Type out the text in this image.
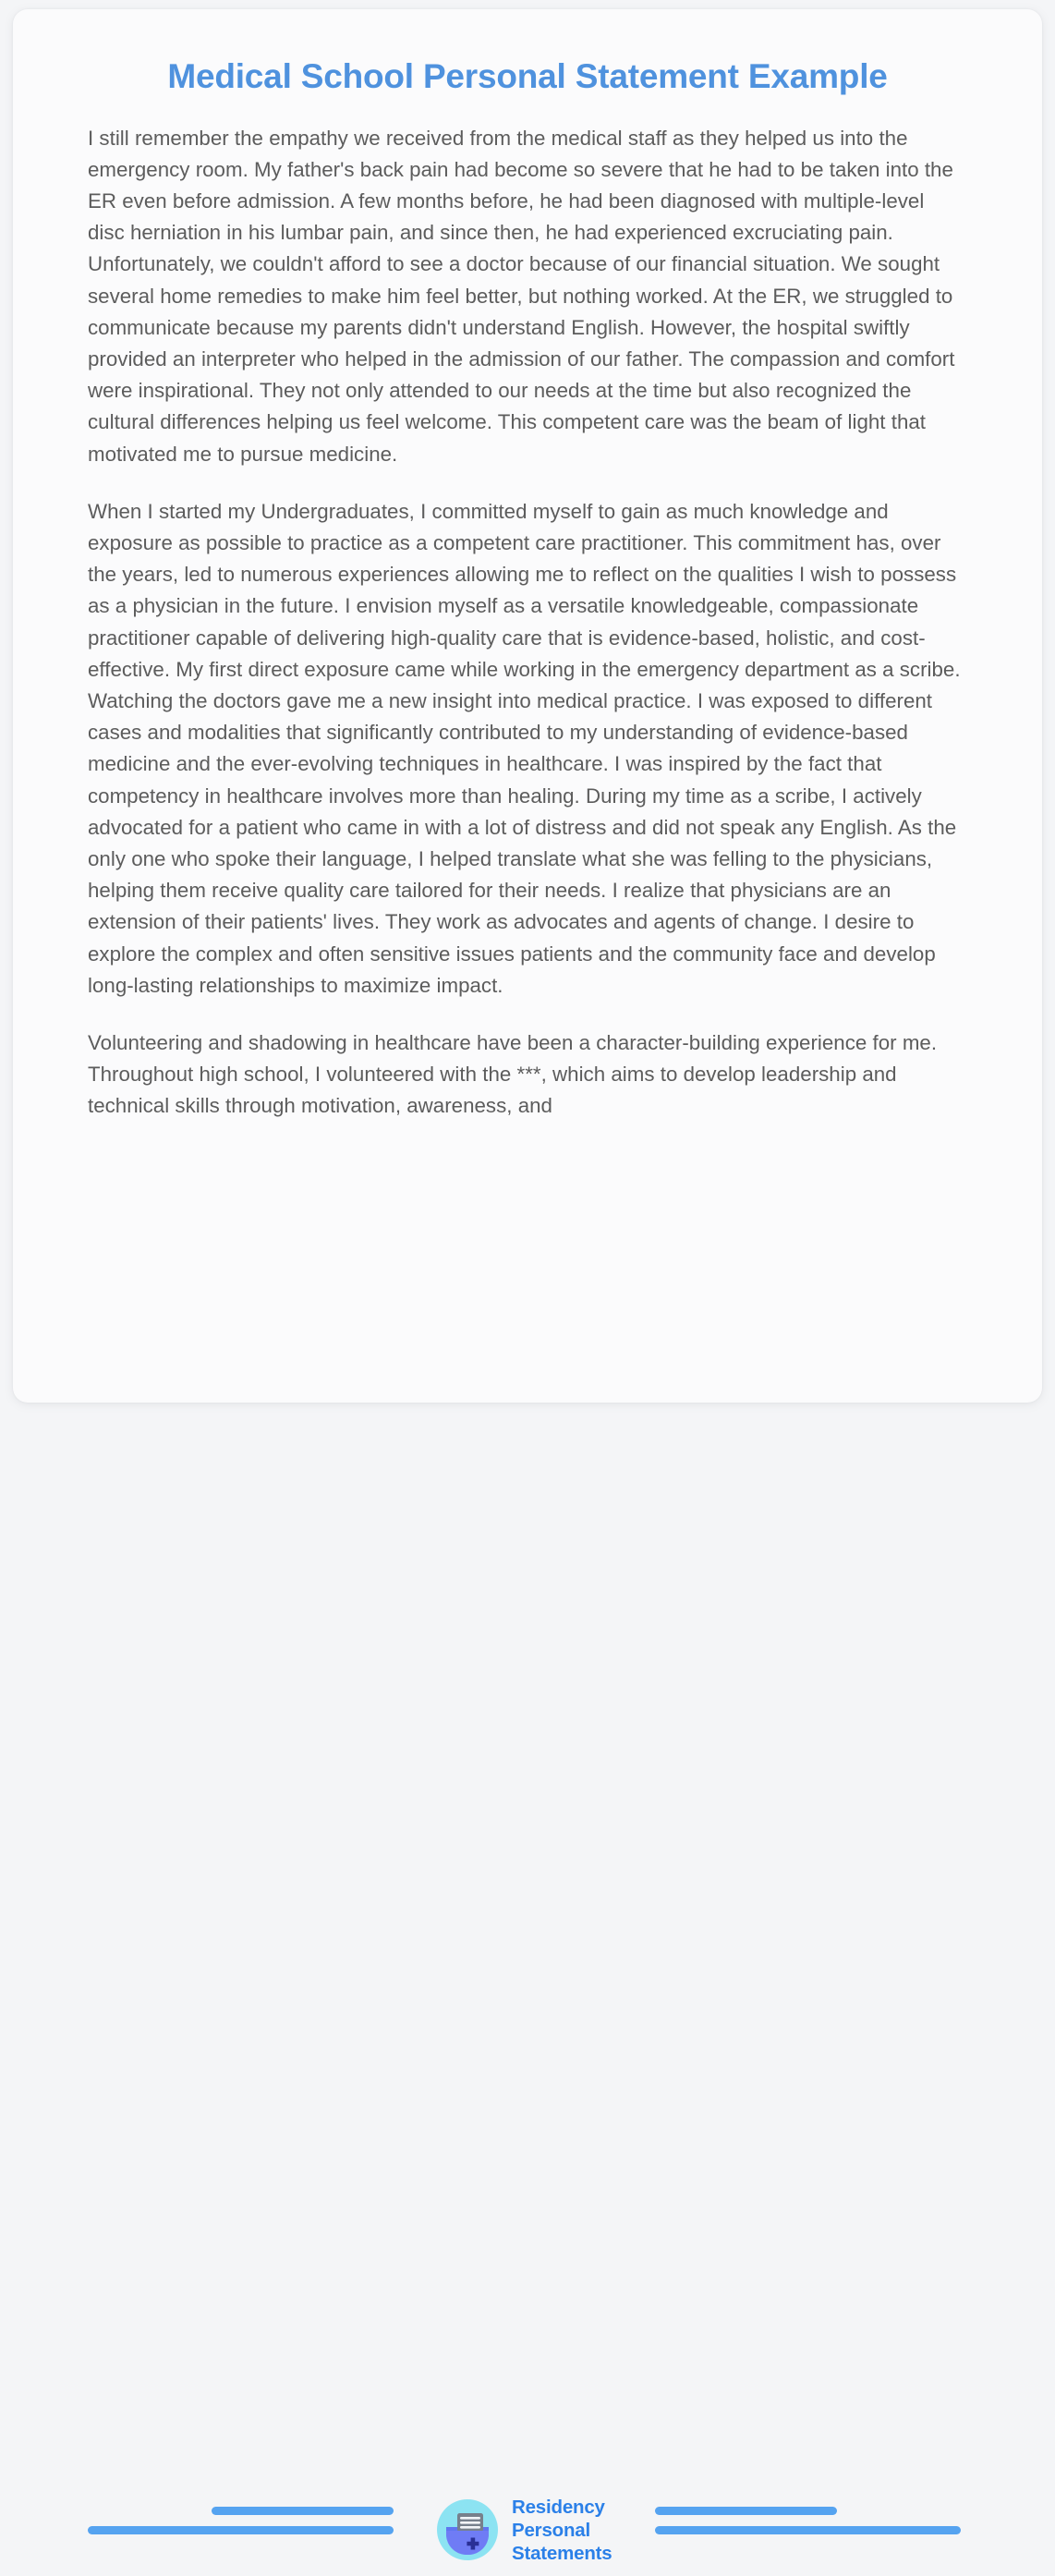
Medical School Personal Statement Example

I still remember the empathy we received from the medical staff as they helped us into the emergency room. My father's back pain had become so severe that he had to be taken into the ER even before admission. A few months before, he had been diagnosed with multiple-level disc herniation in his lumbar pain, and since then, he had experienced excruciating pain. Unfortunately, we couldn't afford to see a doctor because of our financial situation. We sought several home remedies to make him feel better, but nothing worked. At the ER, we struggled to communicate because my parents didn't understand English. However, the hospital swiftly provided an interpreter who helped in the admission of our father. The compassion and comfort were inspirational. They not only attended to our needs at the time but also recognized the cultural differences helping us feel welcome. This competent care was the beam of light that motivated me to pursue medicine.

When I started my Undergraduates, I committed myself to gain as much knowledge and exposure as possible to practice as a competent care practitioner. This commitment has, over the years, led to numerous experiences allowing me to reflect on the qualities I wish to possess as a physician in the future. I envision myself as a versatile knowledgeable, compassionate practitioner capable of delivering high-quality care that is evidence-based, holistic, and cost-effective. My first direct exposure came while working in the emergency department as a scribe. Watching the doctors gave me a new insight into medical practice. I was exposed to different cases and modalities that significantly contributed to my understanding of evidence-based medicine and the ever-evolving techniques in healthcare. I was inspired by the fact that competency in healthcare involves more than healing. During my time as a scribe, I actively advocated for a patient who came in with a lot of distress and did not speak any English. As the only one who spoke their language, I helped translate what she was felling to the physicians, helping them receive quality care tailored for their needs. I realize that physicians are an extension of their patients' lives. They work as advocates and agents of change. I desire to explore the complex and often sensitive issues patients and the community face and develop long-lasting relationships to maximize impact.

Volunteering and shadowing in healthcare have been a character-building experience for me. Throughout high school, I volunteered with the ***, which aims to develop leadership and technical skills through motivation, awareness, and

Residency
Personal
Statements
